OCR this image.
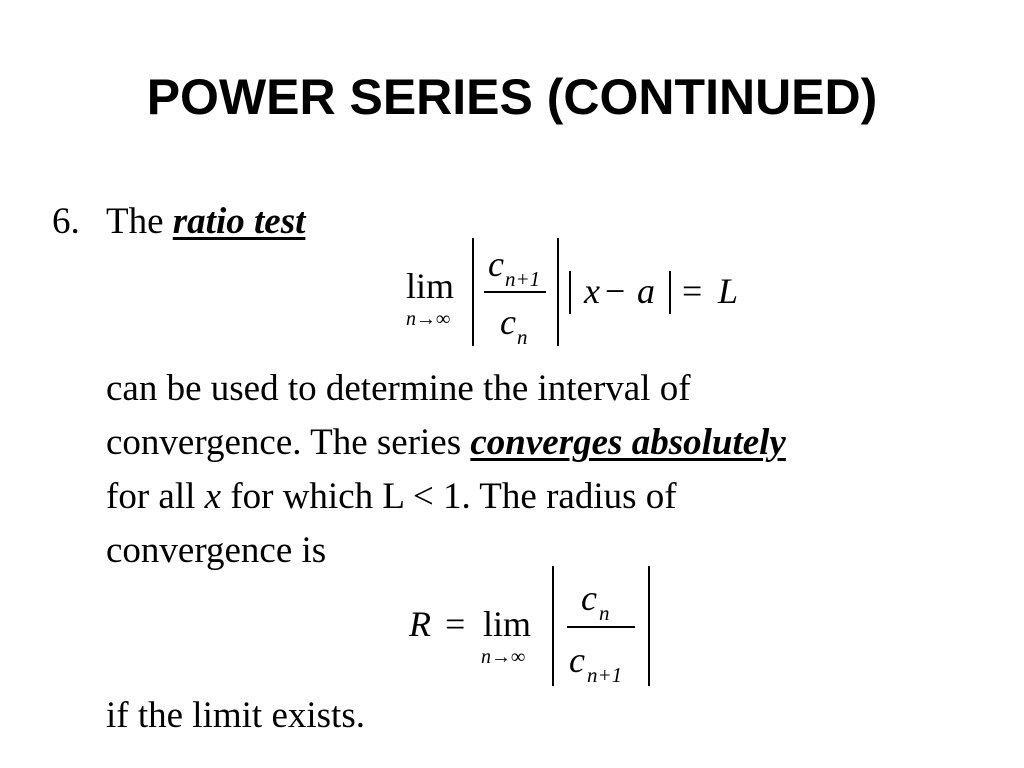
POWER SERIES (CONTINUED)
6. The ratio test
lim
n→∞
c n+1
c n
x − a = L
can be used to determine the interval of
convergence. The series converges absolutely
for all x for which L < 1. The radius of
convergence is
R = lim
n→∞
c n
c n+1
if the limit exists.
